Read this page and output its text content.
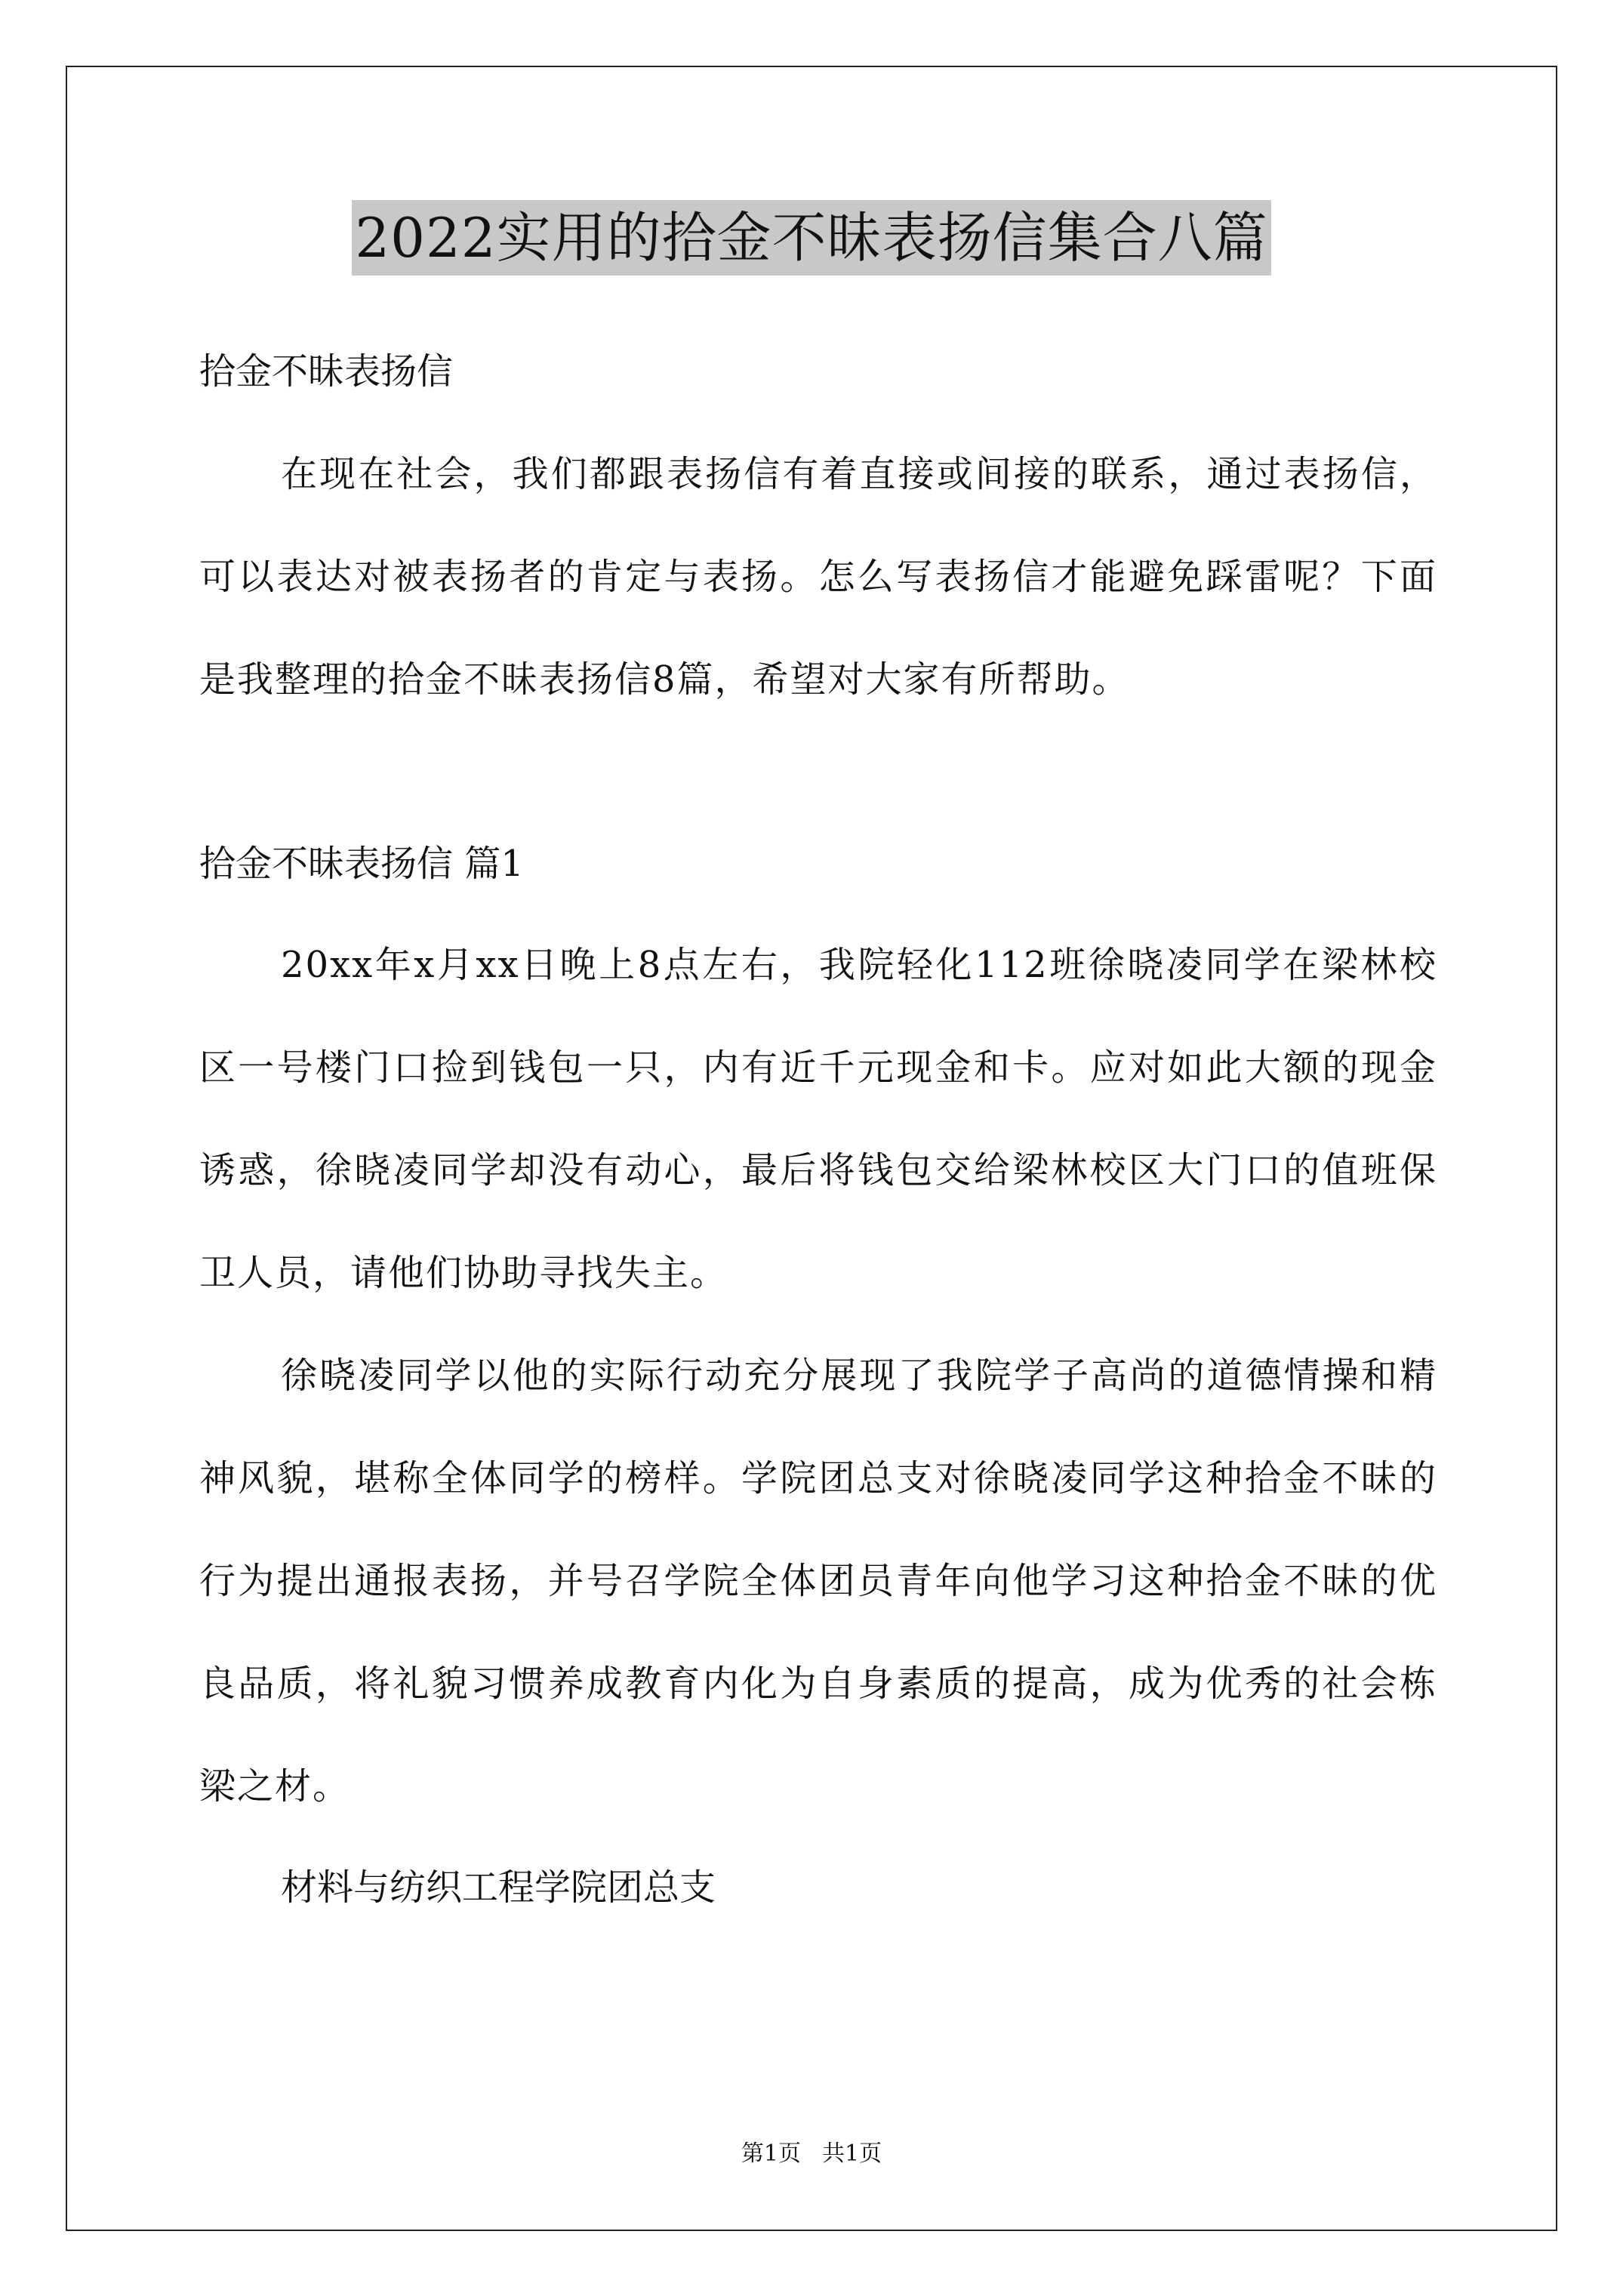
2022实用的拾金不昧表扬信集合八篇

拾金不昧表扬信

在现在社会，我们都跟表扬信有着直接或间接的联系，通过表扬信，可以表达对被表扬者的肯定与表扬。怎么写表扬信才能避免踩雷呢？下面是我整理的拾金不昧表扬信8篇，希望对大家有所帮助。

拾金不昧表扬信 篇1

20xx年x月xx日晚上8点左右，我院轻化112班徐晓凌同学在梁林校区一号楼门口捡到钱包一只，内有近千元现金和卡。应对如此大额的现金诱惑，徐晓凌同学却没有动心，最后将钱包交给梁林校区大门口的值班保卫人员，请他们协助寻找失主。

徐晓凌同学以他的实际行动充分展现了我院学子高尚的道德情操和精神风貌，堪称全体同学的榜样。学院团总支对徐晓凌同学这种拾金不昧的行为提出通报表扬，并号召学院全体团员青年向他学习这种拾金不昧的优良品质，将礼貌习惯养成教育内化为自身素质的提高，成为优秀的社会栋梁之材。

材料与纺织工程学院团总支

第1页 共1页
